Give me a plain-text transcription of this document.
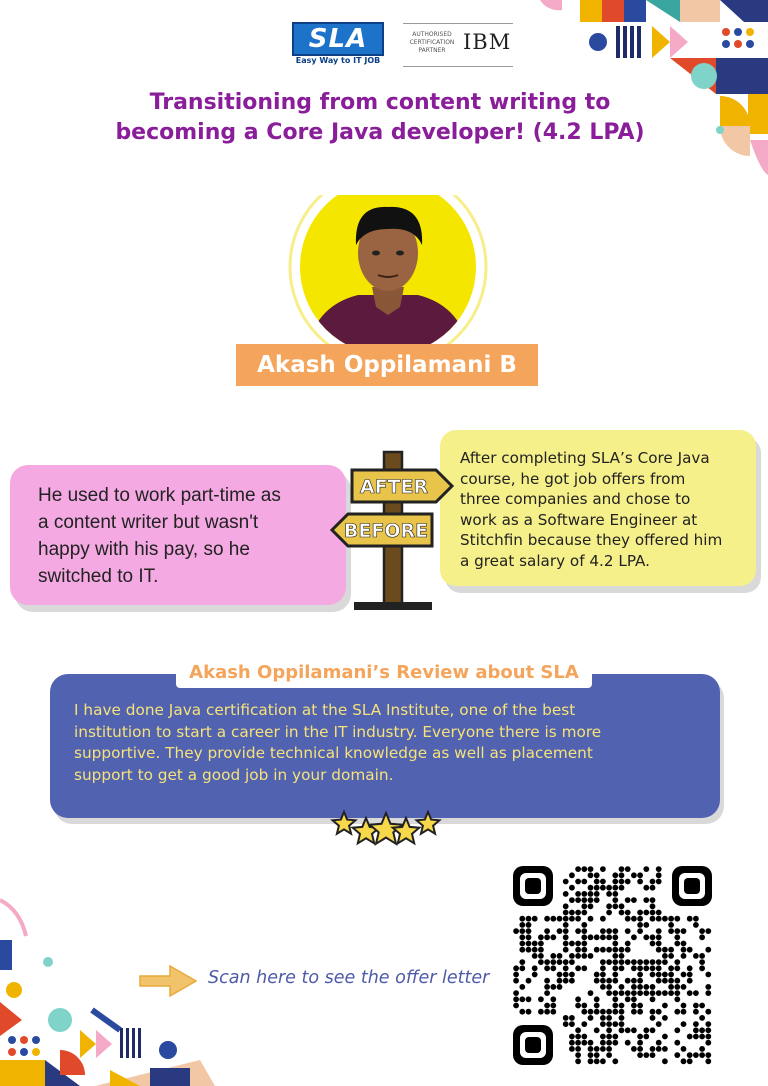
SLA
Easy Way to IT JOB
AUTHORISED CERTIFICATION PARTNER IBM
Transitioning from content writing to
becoming a Core Java developer! (4.2 LPA)
Akash Oppilamani B
He used to work part-time as
a content writer but wasn't
happy with his pay, so he
switched to IT.
After completing SLA’s Core Java
course, he got job offers from
three companies and chose to
work as a Software Engineer at
Stitchfin because they offered him
a great salary of 4.2 LPA.
AFTER
BEFORE
Akash Oppilamani’s Review about SLA
I have done Java certification at the SLA Institute, one of the best
institution to start a career in the IT industry. Everyone there is more
supportive. They provide technical knowledge as well as placement
support to get a good job in your domain.
Scan here to see the offer letter
